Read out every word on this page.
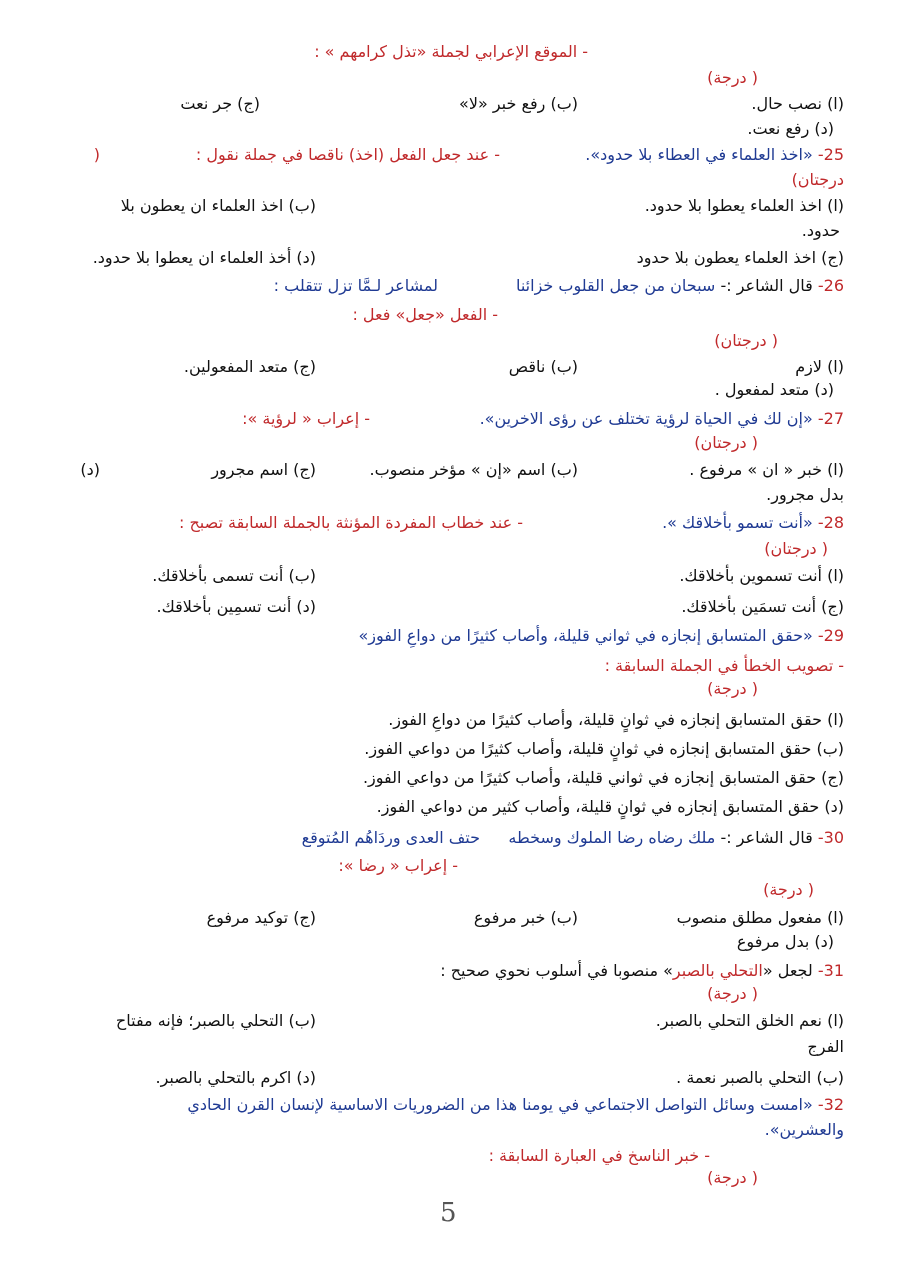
- الموقع الإعرابي لجملة «تذل كرامهم » :
( درجة)
(ا) نصب حال.
(ب) رفع خبر «لا»
(ج) جر نعت
(د) رفع نعت.
25- «اخذ العلماء في العطاء بلا حدود».
- عند جعل الفعل (اخذ) ناقصا في جملة نقول :
(
درجتان)
(ا) اخذ العلماء يعطوا بلا حدود.
(ب) اخذ العلماء ان يعطون بلا
حدود.
(ج) اخذ العلماء يعطون بلا حدود
(د) أخذ العلماء ان يعطوا بلا حدود.
26- قال الشاعر :- سبحان من جعل القلوب خزائنا
لمشاعر لـمَّا تزل تتقلب :
- الفعل «جعل» فعل :
( درجتان)
(ا) لازم
(ب) ناقص
(ج) متعد المفعولين.
(د) متعد لمفعول .
27- «إن لك في الحياة لرؤية تختلف عن رؤى الاخرين».
- إعراب « لرؤية »:
( درجتان)
(ا) خبر « ان » مرفوع .
(ب) اسم «إن » مؤخر منصوب.
(ج) اسم مجرور
(د)
بدل مجرور.
28- «أنت تسمو بأخلاقك ».
- عند خطاب المفردة المؤنثة بالجملة السابقة تصبح :
( درجتان)
(ا) أنت تسموين بأخلاقك.
(ب) أنت تسمى بأخلاقك.
(ج) أنت تسمَين بأخلاقك.
(د) أنت تسمِين بأخلاقك.
29- «حقق المتسابق إنجازه في ثواني قليلة، وأصاب كثيرًا من دواعِ الفوز»
- تصويب الخطأ في الجملة السابقة :
( درجة)
(ا) حقق المتسابق إنجازه في ثوانٍ قليلة، وأصاب كثيرًا من دواعِ الفوز.
(ب) حقق المتسابق إنجازه في ثوانٍ قليلة، وأصاب كثيرًا من دواعي الفوز.
(ج) حقق المتسابق إنجازه في ثواني قليلة، وأصاب كثيرًا من دواعي الفوز.
(د) حقق المتسابق إنجازه في ثوانٍ قليلة، وأصاب كثير من دواعي الفوز.
30- قال الشاعر :- ملك رضاه رضا الملوك وسخطه
حتف العدى وردَاهُم المُتوقع
- إعراب « رضا »:
( درجة)
(ا) مفعول مطلق منصوب
(ب) خبر مرفوع
(ج) توكيد مرفوع
(د) بدل مرفوع
31- لجعل «التحلي بالصبر» منصوبا في أسلوب نحوي صحيح :
( درجة)
(ا) نعم الخلق التحلي بالصبر.
(ب) التحلي بالصبر؛ فإنه مفتاح
الفرج
(ب) التحلي بالصبر نعمة .
(د) اكرم بالتحلي بالصبر.
32- «امست وسائل التواصل الاجتماعي في يومنا هذا من الضروريات الاساسية لإنسان القرن الحادي
والعشرين».
- خبر الناسخ في العبارة السابقة :
( درجة)
5
